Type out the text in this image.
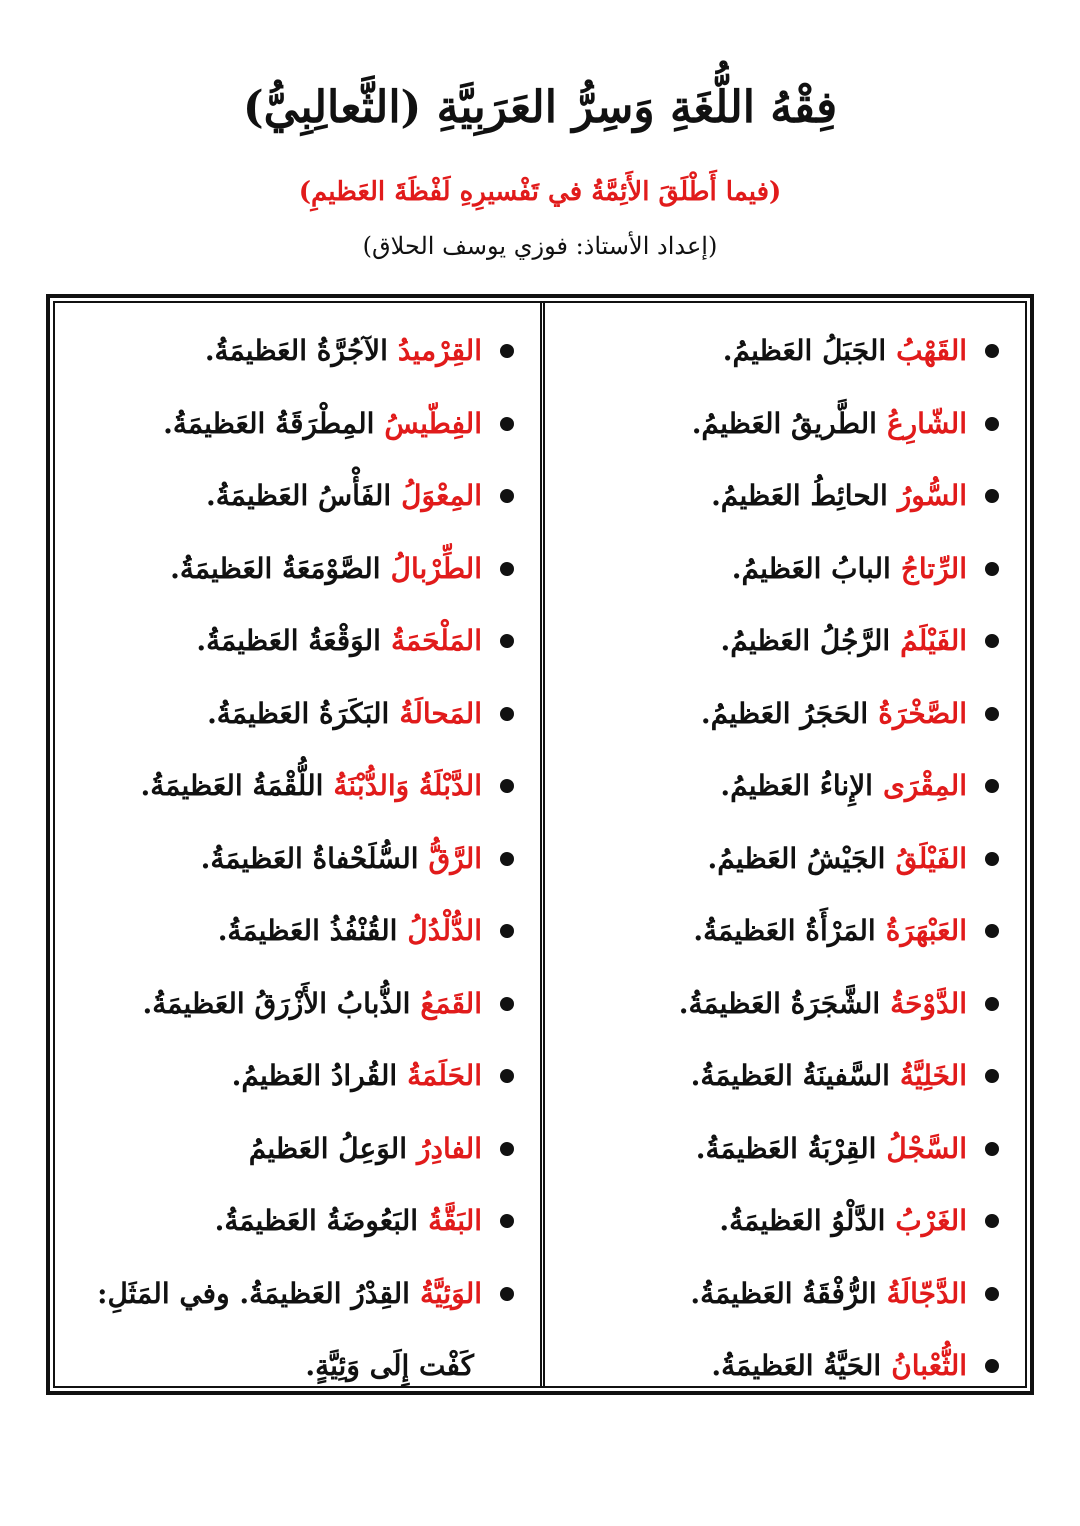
فِقْهُ اللُّغَةِ وَسِرُّ العَرَبِيَّةِ (الثَّعالِبِيُّ)
(فيما أَطْلَقَ الأَئِمَّةُ في تَفْسيرِهِ لَفْظَةَ العَظيمِ)
(إعداد الأستاذ: فوزي يوسف الحلاق)
القَهْبُ
الجَبَلُ العَظيمُ.
الشّارِعُ
الطَّريقُ العَظيمُ.
السُّورُ
الحائِطُ العَظيمُ.
الرِّتاجُ
البابُ العَظيمُ.
الفَيْلَمُ
الرَّجُلُ العَظيمُ.
الصَّخْرَةُ
الحَجَرُ العَظيمُ.
المِقْرَى
الإِناءُ العَظيمُ.
الفَيْلَقُ
الجَيْشُ العَظيمُ.
العَبْهَرَةُ
المَرْأَةُ العَظيمَةُ.
الدَّوْحَةُ
الشَّجَرَةُ العَظيمَةُ.
الخَلِيَّةُ
السَّفينَةُ العَظيمَةُ.
السَّجْلُ
القِرْبَةُ العَظيمَةُ.
الغَرْبُ
الدَّلْوُ العَظيمَةُ.
الدَّجّالَةُ
الرُّفْقَةُ العَظيمَةُ.
الثُّعْبانُ
الحَيَّةُ العَظيمَةُ.
القِرْميدُ
الآجُرَّةُ العَظيمَةُ.
الفِطّيسُ
المِطْرَقَةُ العَظيمَةُ.
المِعْوَلُ
الفَأْسُ العَظيمَةُ.
الطِّرْبالُ
الصَّوْمَعَةُ العَظيمَةُ.
المَلْحَمَةُ
الوَقْعَةُ العَظيمَةُ.
المَحالَةُ
البَكَرَةُ العَظيمَةُ.
الدَّبْلَةُ وَالدُّبْنَةُ
اللُّقْمَةُ العَظيمَةُ.
الرَّقُّ
السُّلَحْفاةُ العَظيمَةُ.
الدُّلْدُلُ
القُنْفُذُ العَظيمَةُ.
القَمَعُ
الذُّبابُ الأَزْرَقُ العَظيمَةُ.
الحَلَمَةُ
القُرادُ العَظيمُ.
الفادِرُ
الوَعِلُ العَظيمُ
البَقَّةُ
البَعُوضَةُ العَظيمَةُ.
الوَئِيَّةُ
القِدْرُ العَظيمَةُ. وفي المَثَلِ:
كَفْت إِلَى وَئِيَّةٍ.
